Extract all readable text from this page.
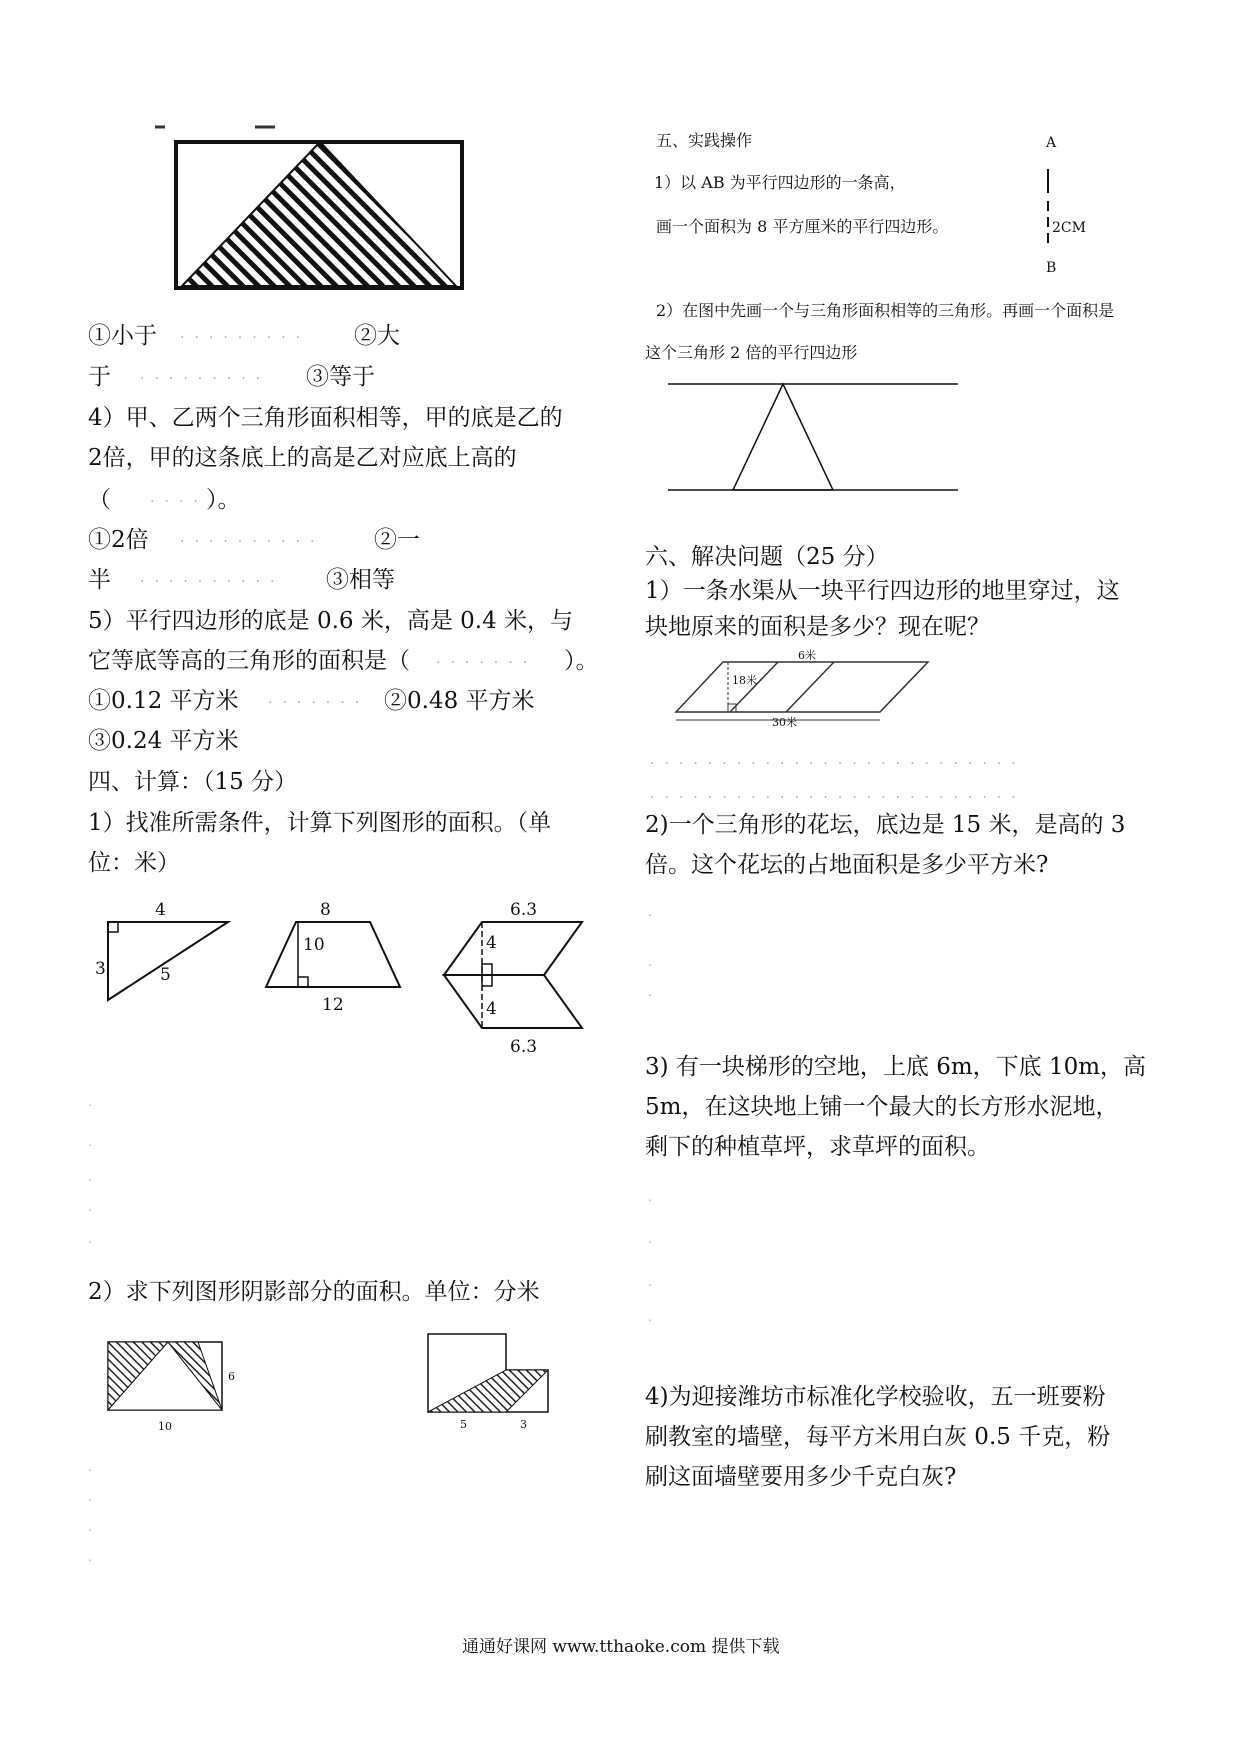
①小于 ......... ②大
于 ......... ③等于
4）甲、乙两个三角形面积相等，甲的底是乙的
2倍，甲的这条底上的高是乙对应底上高的
（	....
）。
①2倍 .......... ②一
半 .......... ③相等
5）平行四边形的底是 0.6 米，高是 0.4 米，与
它等底等高的三角形的面积是（ ....... ）。
①0.12 平方米 ....... ②0.48 平方米
③0.24 平方米
四、计算：（15 分）
1）找准所需条件，计算下列图形的面积。（单
位：米）
4
3	5
8
10
12
6.3
4
4
6.3
.
.
.
.
.
2）求下列图形阴影部分的面积。单位：分米
6
10	5	3
.
.
.
.
五、实践操作
1）以 AB 为平行四边形的一条高，
画一个面积为 8 平方厘米的平行四边形。
A
2CM
B
2）在图中先画一个与三角形面积相等的三角形。再画一个面积是
这个三角形 2 倍的平行四边形
六、解决问题（25 分）
1）一条水渠从一块平行四边形的地里穿过，这
块地原来的面积是多少？现在呢？
6米
18米
30米
..........................
..........................
2)一个三角形的花坛，底边是 15 米，是高的 3
倍。这个花坛的占地面积是多少平方米?
.
.
.
3) 有一块梯形的空地，上底 6m，下底 10m，高
5m，在这块地上铺一个最大的长方形水泥地，
剩下的种植草坪，求草坪的面积。
.
.
.
.
4)为迎接潍坊市标准化学校验收，五一班要粉
刷教室的墙壁，每平方米用白灰 0.5 千克，粉
刷这面墙壁要用多少千克白灰?
通通好课网 www.tthaoke.com 提供下载
